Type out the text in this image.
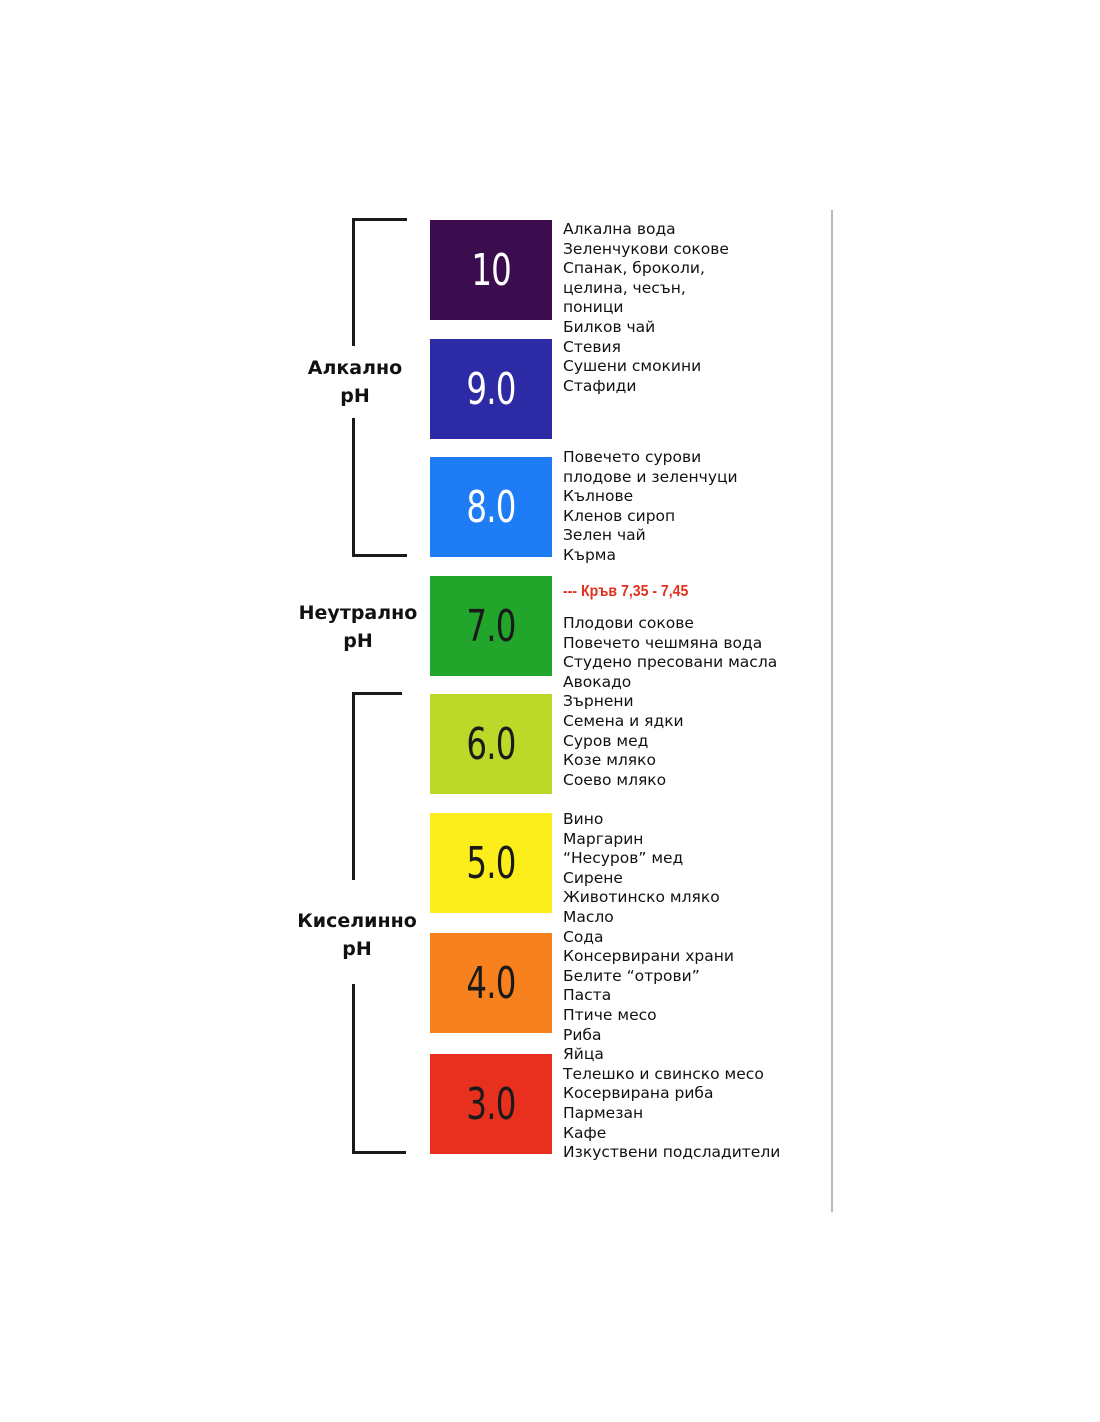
Алкално
pH
Неутрално
pH
Киселинно
pH
10
9.0
8.0
7.0
6.0
5.0
4.0
3.0
Алкална вода
Зеленчукови сокове
Спанак, броколи,
целина, чесън,
поници
Билков чай
Стевия
Сушени смокини
Стафиди
Повечето сурови
плодове и зеленчуци
Кълнове
Кленов сироп
Зелен чай
Кърма
--- Кръв 7,35 - 7,45
Плодови сокове
Повечето чешмяна вода
Студено пресовани масла
Авокадо
Зърнени
Семена и ядки
Суров мед
Козе мляко
Соево мляко
Вино
Маргарин
“Несуров” мед
Сирене
Животинско мляко
Масло
Сода
Консервирани храни
Белите “отрови”
Паста
Птиче месо
Риба
Яйца
Телешко и свинско месо
Косервирана риба
Пармезан
Кафе
Изкуствени подсладители
